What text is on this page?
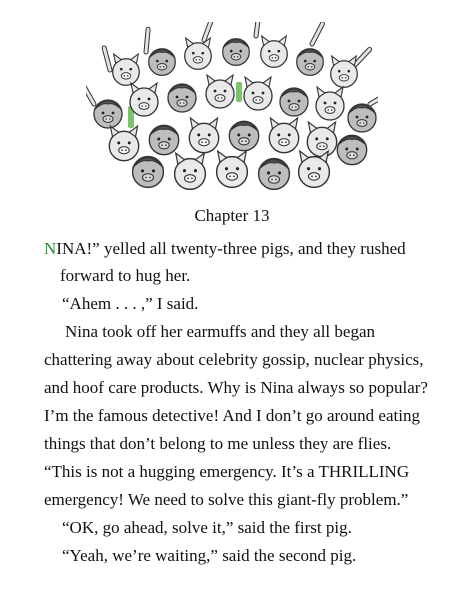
Chapter 13
NINA!” yelled all twenty-three pigs, and they rushed
forward to hug her.
“Ahem . . . ,” I said.
Nina took off her earmuffs and they all began
chattering away about celebrity gossip, nuclear physics,
and hoof care products. Why is Nina always so popular?
I’m the famous detective! And I don’t go around eating
things that don’t belong to me unless they are flies.
“This is not a hugging emergency. It’s a THRILLING
emergency! We need to solve this giant-fly problem.”
“OK, go ahead, solve it,” said the first pig.
“Yeah, we’re waiting,” said the second pig.
